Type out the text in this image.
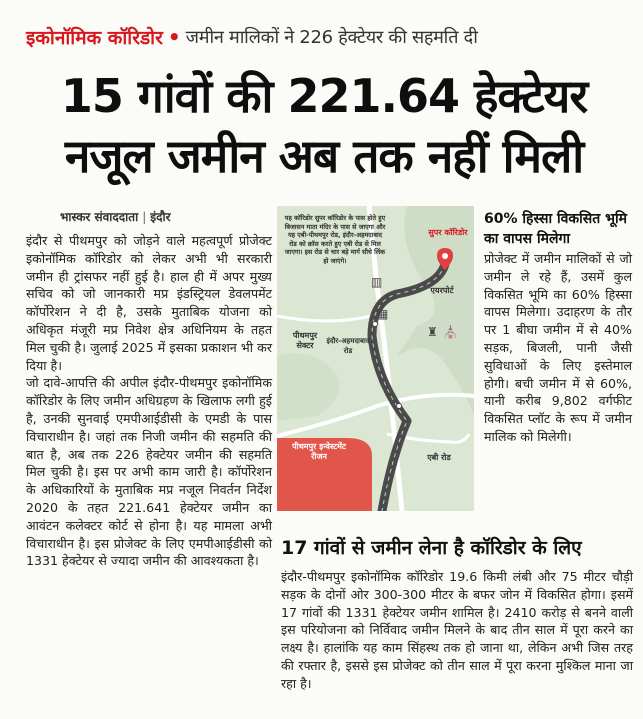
इकोनॉमिक कॉरिडोर • जमीन मालिकों ने 226 हेक्टेयर की सहमति दी
15 गांवों की 221.64 हेक्टेयर
नजूल जमीन अब तक नहीं मिली
भास्कर संवाददाता | इंदौर

इंदौर से पीथमपुर को जोड़ने वाले महत्वपूर्ण प्रोजेक्ट इकोनॉमिक कॉरिडोर को लेकर अभी भी सरकारी जमीन ही ट्रांसफर नहीं हुई है। हाल ही में अपर मुख्य सचिव को जो जानकारी मप्र इंडस्ट्रियल डेवलपमेंट कॉर्पोरेशन ने दी है, उसके मुताबिक योजना को अधिकृत मंजूरी मप्र निवेश क्षेत्र अधिनियम के तहत मिल चुकी है। जुलाई 2025 में इसका प्रकाशन भी कर दिया है।

जो दावे-आपत्ति की अपील इंदौर-पीथमपुर इकोनॉमिक कॉरिडोर के लिए जमीन अधिग्रहण के खिलाफ लगी हुई है, उनकी सुनवाई एमपीआईडीसी के एमडी के पास विचाराधीन है। जहां तक निजी जमीन की सहमति की बात है, अब तक 226 हेक्टेयर जमीन की सहमति मिल चुकी है। इस पर अभी काम जारी है। कॉर्पोरेशन के अधिकारियों के मुताबिक मप्र नजूल निवर्तन निर्देश 2020 के तहत 221.641 हेक्टेयर जमीन का आवंटन कलेक्टर कोर्ट से होना है। यह मामला अभी विचाराधीन है। इस प्रोजेक्ट के लिए एमपीआईडीसी को 1331 हेक्टेयर से ज्यादा जमीन की आवश्यकता है।

यह कॉरिडोर सुपर कॉरिडोर के पास होते हुए बिजासन माता मंदिर के पास से जाएगा और यह एबी-पीथमपुर रोड, इंदौर-अहमदाबाद रोड को क्रॉस करते हुए एबी रोड से मिल जाएगा। इस रोड से चार बड़े मार्ग सीधे लिंक हो जाएंगे।
सुपर कॉरिडोर
एयरपोर्ट
पीथमपुर सेक्टर	इंदौर-अहमदाबाद रोड
पीथमपुर इन्वेस्टमेंट रीजन	एबी रोड
▥
▦
⛪
♜
60% हिस्सा विकसित भूमि का वापस मिलेगा

प्रोजेक्ट में जमीन मालिकों से जो जमीन ले रहे हैं, उसमें कुल विकसित भूमि का 60% हिस्सा वापस मिलेगा। उदाहरण के तौर पर 1 बीघा जमीन में से 40% सड़क, बिजली, पानी जैसी सुविधाओं के लिए इस्तेमाल होगी। बची जमीन में से 60%, यानी करीब 9,802 वर्गफीट विकसित प्लॉट के रूप में जमीन मालिक को मिलेगी।

17 गांवों से जमीन लेना है कॉरिडोर के लिए

इंदौर-पीथमपुर इकोनॉमिक कॉरिडोर 19.6 किमी लंबी और 75 मीटर चौड़ी सड़क के दोनों ओर 300-300 मीटर के बफर जोन में विकसित होगा। इसमें 17 गांवों की 1331 हेक्टेयर जमीन शामिल है। 2410 करोड़ से बनने वाली इस परियोजना को निर्विवाद जमीन मिलने के बाद तीन साल में पूरा करने का लक्ष्य है। हालांकि यह काम सिंहस्थ तक हो जाना था, लेकिन अभी जिस तरह की रफ्तार है, इससे इस प्रोजेक्ट को तीन साल में पूरा करना मुश्किल माना जा रहा है।
